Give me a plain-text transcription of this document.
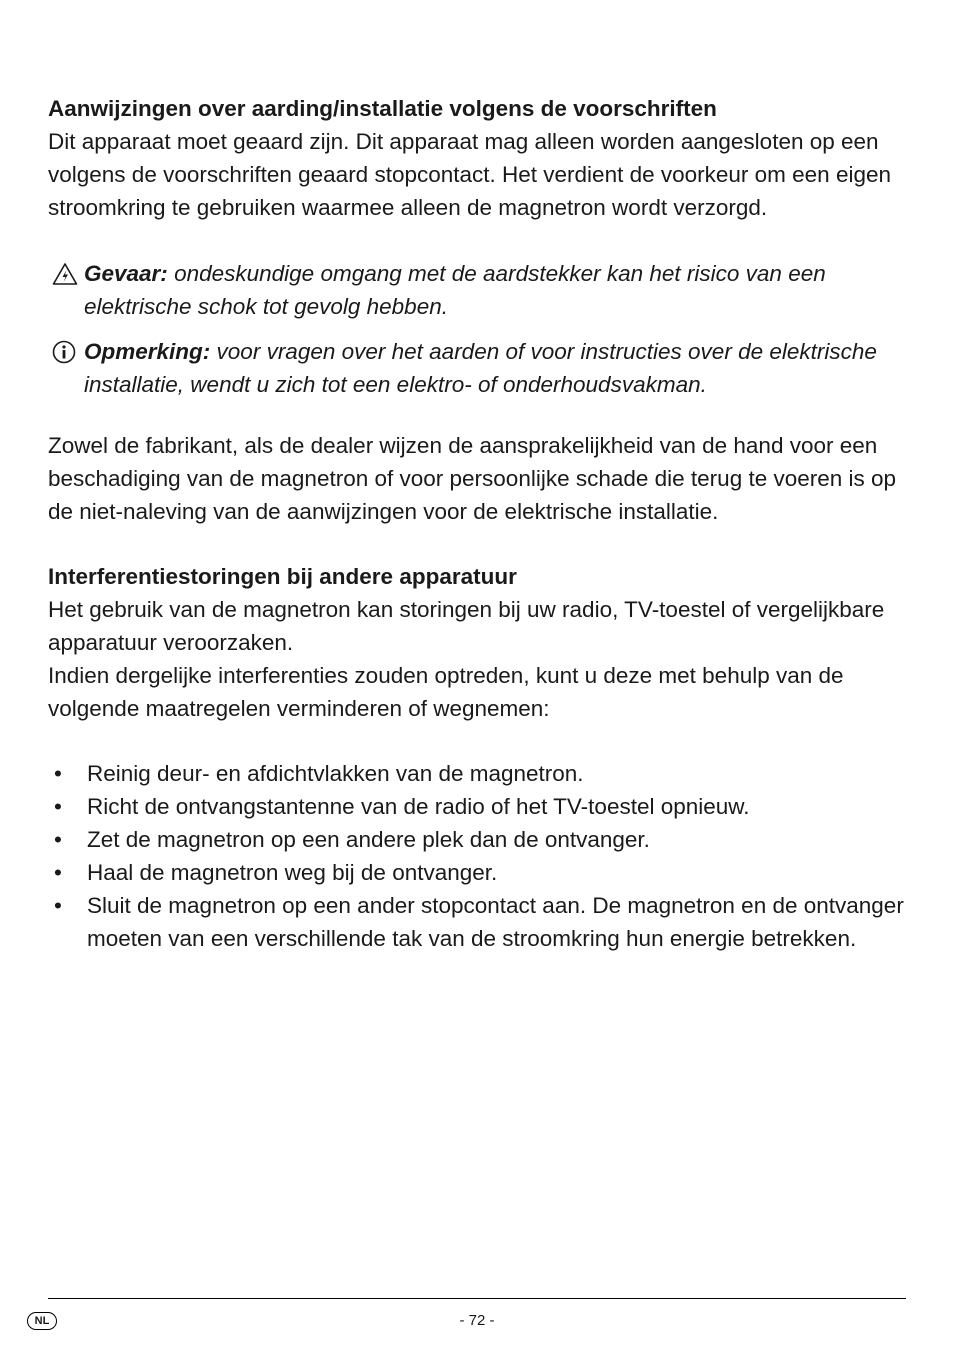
Aanwijzingen over aarding/installatie volgens de voorschriften

Dit apparaat moet geaard zijn. Dit apparaat mag alleen worden aangesloten op een volgens de voorschriften geaard stopcontact. Het verdient de voorkeur om een eigen stroomkring te gebruiken waarmee alleen de magnetron wordt verzorgd.

Gevaar: ondeskundige omgang met de aardstekker kan het risico van een elektrische schok tot gevolg hebben.

Opmerking: voor vragen over het aarden of voor instructies over de elektrische installatie, wendt u zich tot een elektro- of onderhoudsvakman.

Zowel de fabrikant, als de dealer wijzen de aansprakelijkheid van de hand voor een beschadiging van de magnetron of voor persoonlijke schade die terug te voeren is op de niet-naleving van de aanwijzingen voor de elektrische installatie.

Interferentiestoringen bij andere apparatuur

Het gebruik van de magnetron kan storingen bij uw radio, TV-toestel of vergelijkbare apparatuur veroorzaken.

Indien dergelijke interferenties zouden optreden, kunt u deze met behulp van de volgende maatregelen verminderen of wegnemen:

• Reinig deur- en afdichtvlakken van de magnetron.
• Richt de ontvangstantenne van de radio of het TV-toestel opnieuw.
• Zet de magnetron op een andere plek dan de ontvanger.
• Haal de magnetron weg bij de ontvanger.
• Sluit de magnetron op een ander stopcontact aan. De magnetron en de ontvanger moeten van een verschillende tak van de stroomkring hun energie betrekken.
NL	- 72 -
